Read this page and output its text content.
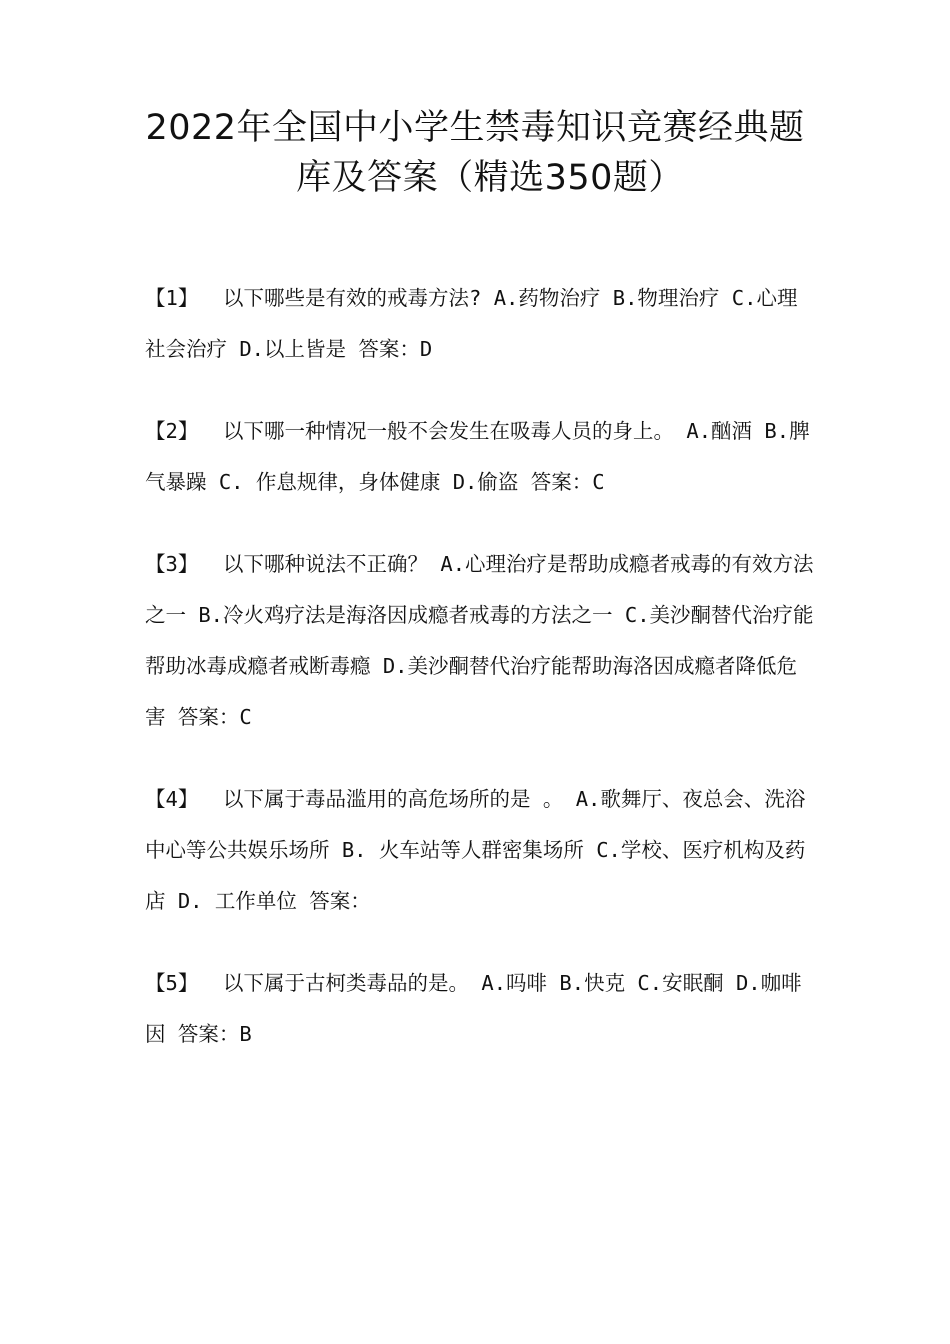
2022年全国中小学生禁毒知识竞赛经典题
库及答案（精选350题）

【1】  以下哪些是有效的戒毒方法? A.药物治疗 B.物理治疗 C.心理社会治疗 D.以上皆是 答案：D

【2】  以下哪一种情况一般不会发生在吸毒人员的身上。 A.酗酒 B.脾气暴躁 C. 作息规律，身体健康 D.偷盗 答案：C

【3】  以下哪种说法不正确？ A.心理治疗是帮助成瘾者戒毒的有效方法之一 B.冷火鸡疗法是海洛因成瘾者戒毒的方法之一 C.美沙酮替代治疗能帮助冰毒成瘾者戒断毒瘾 D.美沙酮替代治疗能帮助海洛因成瘾者降低危害 答案：C

【4】  以下属于毒品滥用的高危场所的是 。 A.歌舞厅、夜总会、洗浴中心等公共娱乐场所 B. 火车站等人群密集场所 C.学校、医疗机构及药店 D. 工作单位 答案：

【5】  以下属于古柯类毒品的是。 A.吗啡 B.快克 C.安眠酮 D.咖啡因 答案：B
